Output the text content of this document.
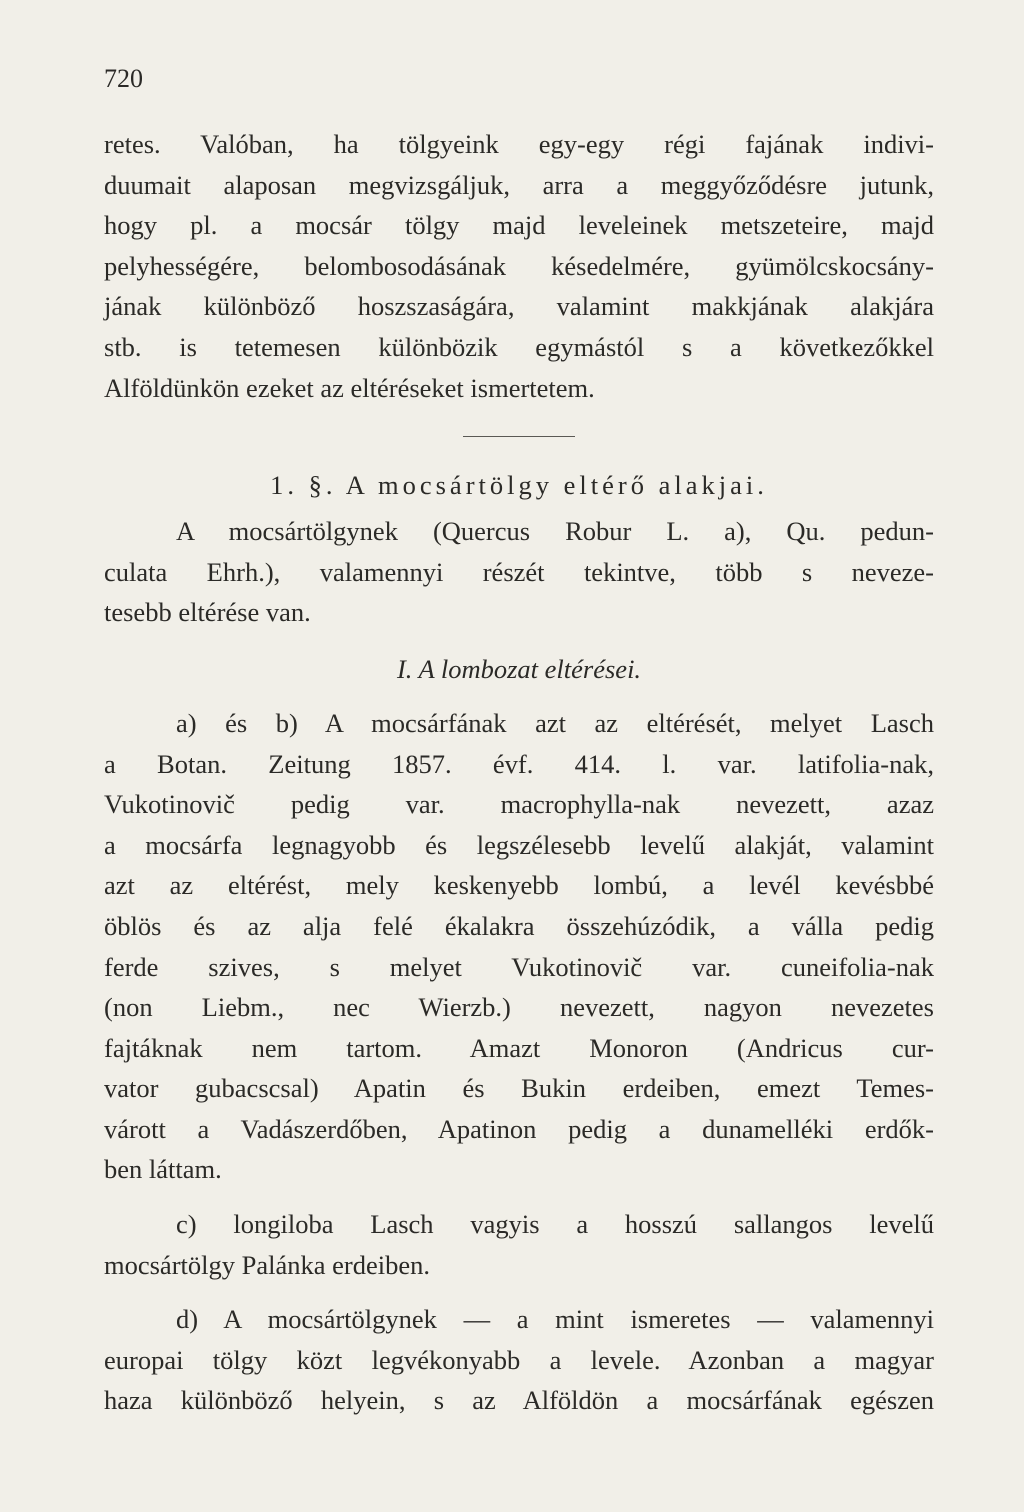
720

retes. Valóban, ha tölgyeink egy-egy régi fajának indivi-
duumait alaposan megvizsgáljuk, arra a meggyőződésre jutunk,
hogy pl. a mocsár tölgy majd leveleinek metszeteire, majd
pelyhességére, belombosodásának késedelmére, gyümölcskocsány-
jának különböző hoszszaságára, valamint makkjának alakjára
stb. is tetemesen különbözik egymástól s a következőkkel
Alföldünkön ezeket az eltéréseket ismertetem.

1. §. A mocsártölgy eltérő alakjai.

A mocsártölgynek (Quercus Robur L. a), Qu. pedun-
culata Ehrh.), valamennyi részét tekintve, több s neveze-
tesebb eltérése van.

I. A lombozat eltérései.

a) és b) A mocsárfának azt az eltérését, melyet Lasch
a Botan. Zeitung 1857. évf. 414. l. var. latifolia-nak,
Vukotinovič pedig var. macrophylla-nak nevezett, azaz
a mocsárfa legnagyobb és legszélesebb levelű alakját, valamint
azt az eltérést, mely keskenyebb lombú, a levél kevésbbé
öblös és az alja felé ékalakra összehúzódik, a válla pedig
ferde szives, s melyet Vukotinovič var. cuneifolia-nak
(non Liebm., nec Wierzb.) nevezett, nagyon nevezetes
fajtáknak nem tartom. Amazt Monoron (Andricus cur-
vator gubacscsal) Apatin és Bukin erdeiben, emezt Temes-
várott a Vadászerdőben, Apatinon pedig a dunamelléki erdők-
ben láttam.

c) longiloba Lasch vagyis a hosszú sallangos levelű
mocsártölgy Palánka erdeiben.

d) A mocsártölgynek — a mint ismeretes — valamennyi
europai tölgy közt legvékonyabb a levele. Azonban a magyar
haza különböző helyein, s az Alföldön a mocsárfának egészen
